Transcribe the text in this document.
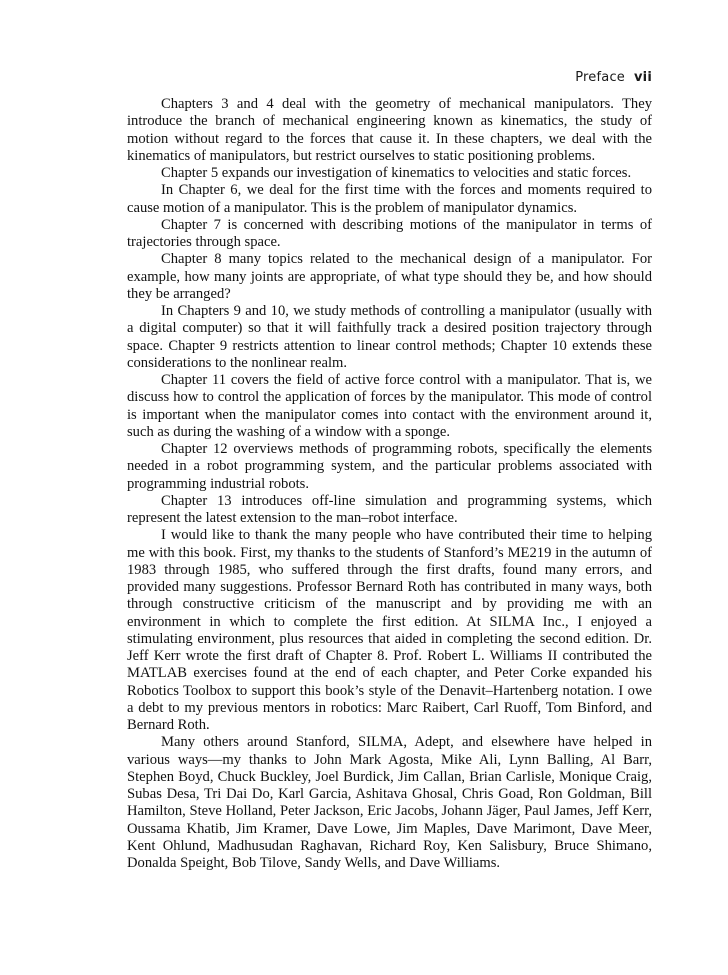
Preface vii

Chapters 3 and 4 deal with the geometry of mechanical manipulators. They introduce the branch of mechanical engineering known as kinematics, the study of motion without regard to the forces that cause it. In these chapters, we deal with the kinematics of manipulators, but restrict ourselves to static positioning problems.

Chapter 5 expands our investigation of kinematics to velocities and static forces.

In Chapter 6, we deal for the first time with the forces and moments required to cause motion of a manipulator. This is the problem of manipulator dynamics.

Chapter 7 is concerned with describing motions of the manipulator in terms of trajectories through space.

Chapter 8 many topics related to the mechanical design of a manipulator. For example, how many joints are appropriate, of what type should they be, and how should they be arranged?

In Chapters 9 and 10, we study methods of controlling a manipulator (usually with a digital computer) so that it will faithfully track a desired position trajectory through space. Chapter 9 restricts attention to linear control methods; Chapter 10 extends these considerations to the nonlinear realm.

Chapter 11 covers the field of active force control with a manipulator. That is, we discuss how to control the application of forces by the manipulator. This mode of control is important when the manipulator comes into contact with the environment around it, such as during the washing of a window with a sponge.

Chapter 12 overviews methods of programming robots, specifically the elements needed in a robot programming system, and the particular problems associated with programming industrial robots.

Chapter 13 introduces off-line simulation and programming systems, which represent the latest extension to the man–robot interface.

I would like to thank the many people who have contributed their time to helping me with this book. First, my thanks to the students of Stanford’s ME219 in the autumn of 1983 through 1985, who suffered through the first drafts, found many errors, and provided many suggestions. Professor Bernard Roth has contributed in many ways, both through constructive criticism of the manuscript and by providing me with an environment in which to complete the first edition. At SILMA Inc., I enjoyed a stimulating environment, plus resources that aided in completing the second edition. Dr. Jeff Kerr wrote the first draft of Chapter 8. Prof. Robert L. Williams II contributed the MATLAB exercises found at the end of each chapter, and Peter Corke expanded his Robotics Toolbox to support this book’s style of the Denavit–Hartenberg notation. I owe a debt to my previous mentors in robotics: Marc Raibert, Carl Ruoff, Tom Binford, and Bernard Roth.

Many others around Stanford, SILMA, Adept, and elsewhere have helped in various ways—my thanks to John Mark Agosta, Mike Ali, Lynn Balling, Al Barr, Stephen Boyd, Chuck Buckley, Joel Burdick, Jim Callan, Brian Carlisle, Monique Craig, Subas Desa, Tri Dai Do, Karl Garcia, Ashitava Ghosal, Chris Goad, Ron Goldman, Bill Hamilton, Steve Holland, Peter Jackson, Eric Jacobs, Johann Jäger, Paul James, Jeff Kerr, Oussama Khatib, Jim Kramer, Dave Lowe, Jim Maples, Dave Marimont, Dave Meer, Kent Ohlund, Madhusudan Raghavan, Richard Roy, Ken Salisbury, Bruce Shimano, Donalda Speight, Bob Tilove, Sandy Wells, and Dave Williams.
